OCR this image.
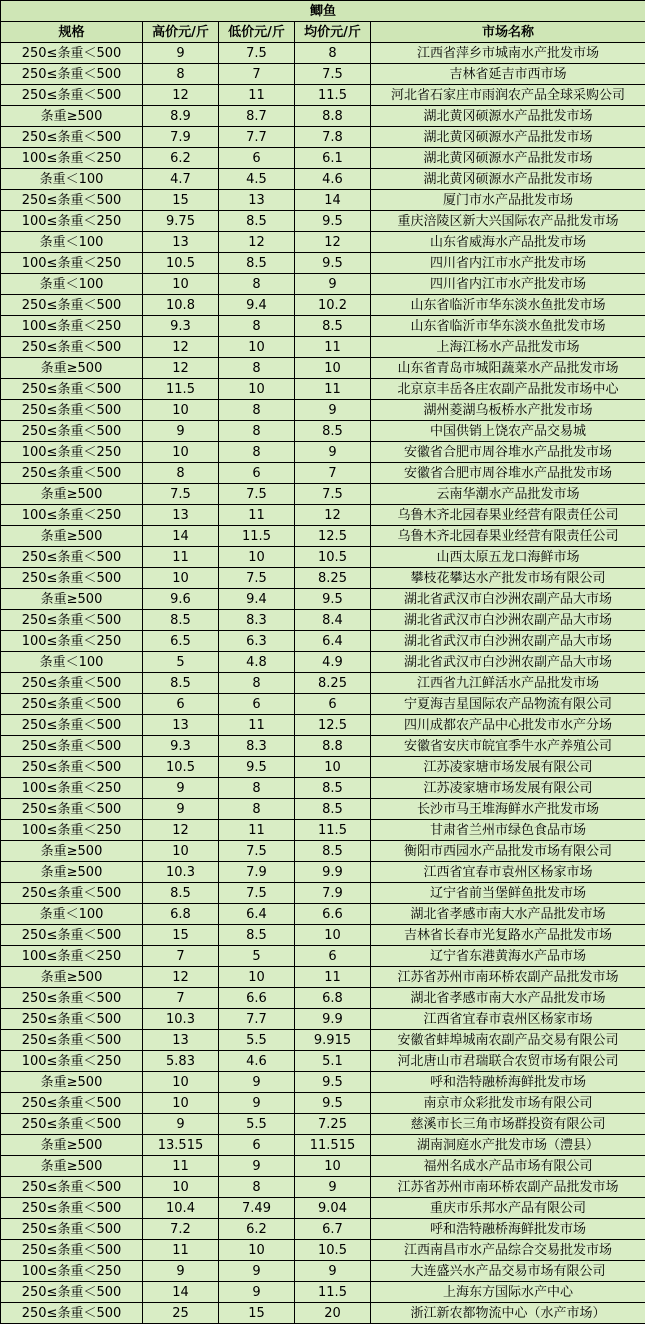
鲫鱼				
规格	高价元/斤	低价元/斤	均价元/斤	市场名称
250≤条重＜500	9	7.5	8	江西省萍乡市城南水产批发市场
250≤条重＜500	8	7	7.5	吉林省延吉市西市场
250≤条重＜500	12	11	11.5	河北省石家庄市雨润农产品全球采购公司
条重≥500	8.9	8.7	8.8	湖北黄冈硕源水产品批发市场
250≤条重＜500	7.9	7.7	7.8	湖北黄冈硕源水产品批发市场
100≤条重＜250	6.2	6	6.1	湖北黄冈硕源水产品批发市场
条重＜100	4.7	4.5	4.6	湖北黄冈硕源水产品批发市场
250≤条重＜500	15	13	14	厦门市水产品批发市场
100≤条重＜250	9.75	8.5	9.5	重庆涪陵区新大兴国际农产品批发市场
条重＜100	13	12	12	山东省威海水产品批发市场
100≤条重＜250	10.5	8.5	9.5	四川省内江市水产批发市场
条重＜100	10	8	9	四川省内江市水产批发市场
250≤条重＜500	10.8	9.4	10.2	山东省临沂市华东淡水鱼批发市场
100≤条重＜250	9.3	8	8.5	山东省临沂市华东淡水鱼批发市场
250≤条重＜500	12	10	11	上海江杨水产品批发市场
条重≥500	12	8	10	山东省青岛市城阳蔬菜水产品批发市场
250≤条重＜500	11.5	10	11	北京京丰岳各庄农副产品批发市场中心
250≤条重＜500	10	8	9	湖州菱湖乌板桥水产批发市场
250≤条重＜500	9	8	8.5	中国供销上饶农产品交易城
100≤条重＜250	10	8	9	安徽省合肥市周谷堆水产品批发市场
250≤条重＜500	8	6	7	安徽省合肥市周谷堆水产品批发市场
条重≥500	7.5	7.5	7.5	云南华潮水产品批发市场
100≤条重＜250	13	11	12	乌鲁木齐北园春果业经营有限责任公司
条重≥500	14	11.5	12.5	乌鲁木齐北园春果业经营有限责任公司
250≤条重＜500	11	10	10.5	山西太原五龙口海鲜市场
250≤条重＜500	10	7.5	8.25	攀枝花攀达水产批发市场有限公司
条重≥500	9.6	9.4	9.5	湖北省武汉市白沙洲农副产品大市场
250≤条重＜500	8.5	8.3	8.4	湖北省武汉市白沙洲农副产品大市场
100≤条重＜250	6.5	6.3	6.4	湖北省武汉市白沙洲农副产品大市场
条重＜100	5	4.8	4.9	湖北省武汉市白沙洲农副产品大市场
250≤条重＜500	8.5	8	8.25	江西省九江鲜活水产品批发市场
250≤条重＜500	6	6	6	宁夏海吉星国际农产品物流有限公司
250≤条重＜500	13	11	12.5	四川成都农产品中心批发市水产分场
250≤条重＜500	9.3	8.3	8.8	安徽省安庆市皖宜季牛水产养殖公司
250≤条重＜500	10.5	9.5	10	江苏凌家塘市场发展有限公司
100≤条重＜250	9	8	8.5	江苏凌家塘市场发展有限公司
250≤条重＜500	9	8	8.5	长沙市马王堆海鲜水产批发市场
100≤条重＜250	12	11	11.5	甘肃省兰州市绿色食品市场
条重≥500	10	7.5	8.5	衡阳市西园水产品批发市场有限公司
条重≥500	10.3	7.9	9.9	江西省宜春市袁州区杨家市场
250≤条重＜500	8.5	7.5	7.9	辽宁省前当堡鲜鱼批发市场
条重＜100	6.8	6.4	6.6	湖北省孝感市南大水产品批发市场
250≤条重＜500	15	8.5	10	吉林省长春市光复路水产品批发市场
100≤条重＜250	7	5	6	辽宁省东港黄海水产品市场
条重≥500	12	10	11	江苏省苏州市南环桥农副产品批发市场
250≤条重＜500	7	6.6	6.8	湖北省孝感市南大水产品批发市场
250≤条重＜500	10.3	7.7	9.9	江西省宜春市袁州区杨家市场
250≤条重＜500	13	5.5	9.915	安徽省蚌埠城南农副产品交易有限公司
100≤条重＜250	5.83	4.6	5.1	河北唐山市君瑞联合农贸市场有限公司
条重≥500	10	9	9.5	呼和浩特融桥海鲜批发市场
250≤条重＜500	10	9	9.5	南京市众彩批发市场有限公司
250≤条重＜500	9	5.5	7.25	慈溪市长三角市场群投资有限公司
条重≥500	13.515	6	11.515	湖南洞庭水产批发市场（澧县）
条重≥500	11	9	10	福州名成水产品市场有限公司
250≤条重＜500	10	8	9	江苏省苏州市南环桥农副产品批发市场
250≤条重＜500	10.4	7.49	9.04	重庆市乐邦水产品有限公司
250≤条重＜500	7.2	6.2	6.7	呼和浩特融桥海鲜批发市场
250≤条重＜500	11	10	10.5	江西南昌市水产品综合交易批发市场
100≤条重＜250	9	9	9	大连盛兴水产品交易市场有限公司
250≤条重＜500	14	9	11.5	上海东方国际水产中心
250≤条重＜500	25	15	20	浙江新农都物流中心（水产市场）
